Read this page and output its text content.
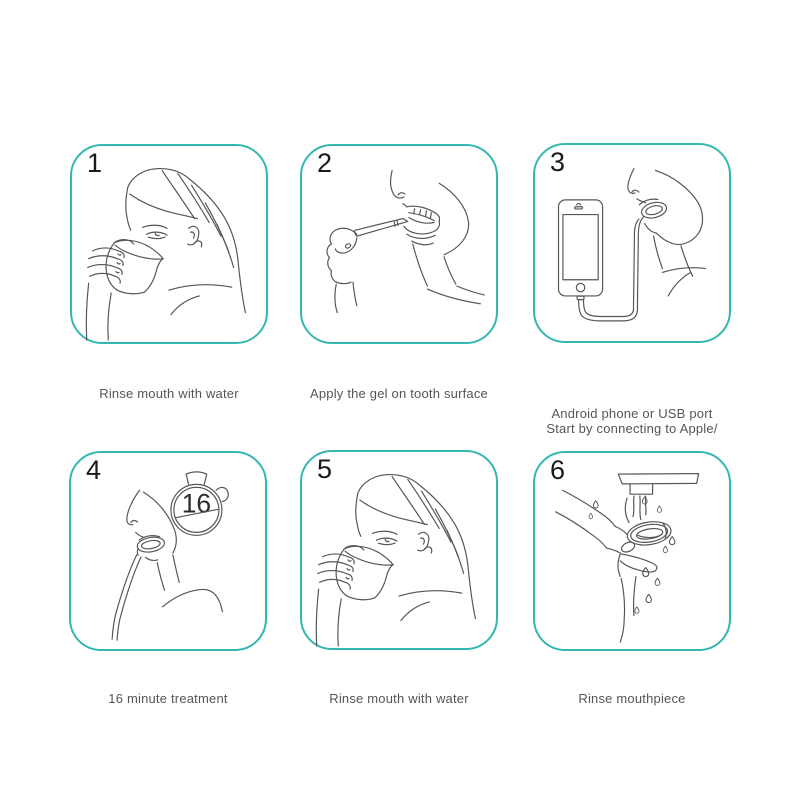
1

Rinse mouth with water

2

Apply the gel on tooth surface

3

Android phone or USB port
Start by connecting to Apple/

4
16

16 minute treatment

5

Rinse mouth with water

6

Rinse mouthpiece
